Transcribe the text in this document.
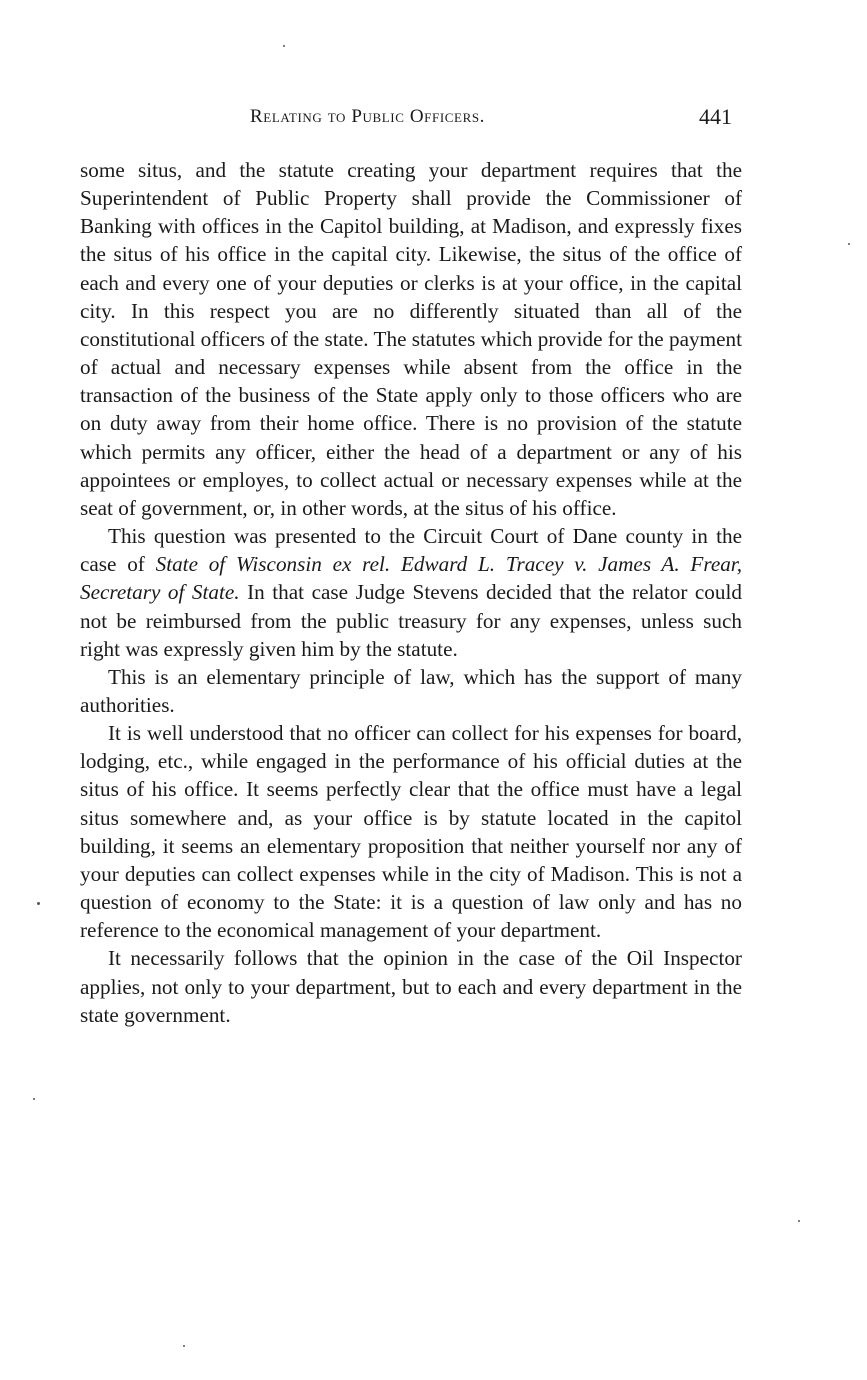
Relating to Public Officers.	441

some situs, and the statute creating your department requires that the Superintendent of Public Property shall provide the Commissioner of Banking with offices in the Capitol building, at Madison, and expressly fixes the situs of his office in the capital city. Likewise, the situs of the office of each and every one of your deputies or clerks is at your office, in the capital city. In this respect you are no differently situated than all of the constitutional officers of the state. The statutes which provide for the payment of actual and necessary expenses while absent from the office in the transaction of the business of the State apply only to those officers who are on duty away from their home office. There is no provision of the statute which permits any officer, either the head of a department or any of his appointees or employes, to collect actual or necessary expenses while at the seat of government, or, in other words, at the situs of his office.

This question was presented to the Circuit Court of Dane county in the case of State of Wisconsin ex rel. Edward L. Tracey v. James A. Frear, Secretary of State. In that case Judge Stevens decided that the relator could not be reimbursed from the public treasury for any expenses, unless such right was expressly given him by the statute.

This is an elementary principle of law, which has the support of many authorities.

It is well understood that no officer can collect for his expenses for board, lodging, etc., while engaged in the performance of his official duties at the situs of his office. It seems perfectly clear that the office must have a legal situs somewhere and, as your office is by statute located in the capitol building, it seems an elementary proposition that neither yourself nor any of your deputies can collect expenses while in the city of Madison. This is not a question of economy to the State: it is a question of law only and has no reference to the economical management of your department.

It necessarily follows that the opinion in the case of the Oil Inspector applies, not only to your department, but to each and every department in the state government.
